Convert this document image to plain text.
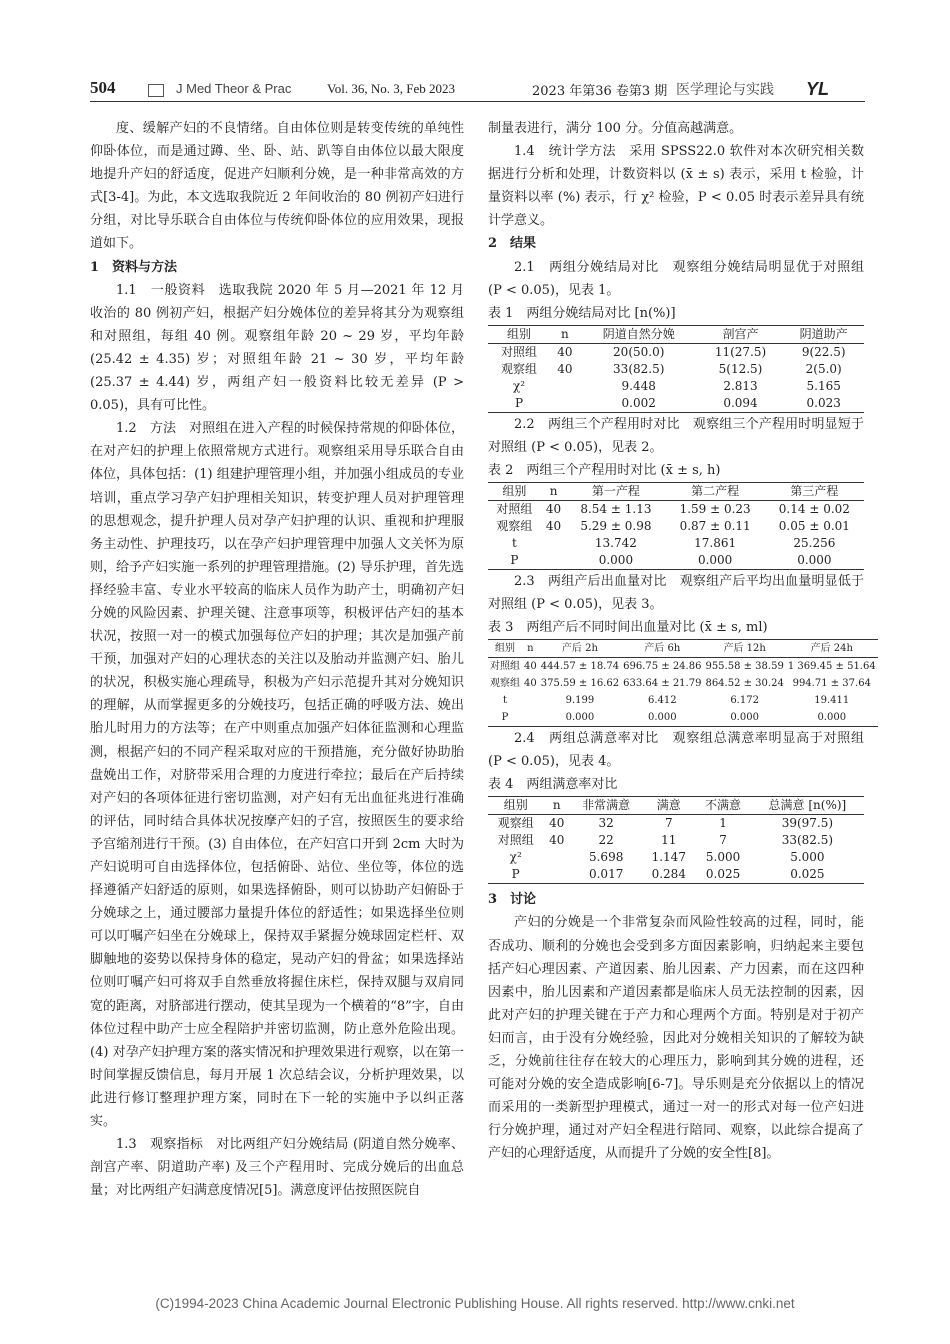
504	J Med Theor & Prac	Vol. 36, No. 3, Feb 2023	2023 年第36 卷第3 期 医学理论与实践 YL

度、缓解产妇的不良情绪。自由体位则是转变传统的单纯性仰卧体位，而是通过蹲、坐、卧、站、趴等自由体位以最大限度地提升产妇的舒适度，促进产妇顺利分娩，是一种非常高效的方式[3-4]。为此，本文选取我院近 2 年间收治的 80 例初产妇进行分组，对比导乐联合自由体位与传统仰卧体位的应用效果，现报道如下。

1　资料与方法

1.1　一般资料　选取我院 2020 年 5 月—2021 年 12 月收治的 80 例初产妇，根据产妇分娩体位的差异将其分为观察组和对照组，每组 40 例。观察组年龄 20 ~ 29 岁，平均年龄 (25.42 ± 4.35) 岁；对照组年龄 21 ~ 30 岁，平均年龄 (25.37 ± 4.44) 岁，两组产妇一般资料比较无差异 (P > 0.05)，具有可比性。

1.2　方法　对照组在进入产程的时候保持常规的仰卧体位，在对产妇的护理上依照常规方式进行。观察组采用导乐联合自由体位，具体包括：(1) 组建护理管理小组，并加强小组成员的专业培训，重点学习孕产妇护理相关知识，转变护理人员对护理管理的思想观念，提升护理人员对孕产妇护理的认识、重视和护理服务主动性、护理技巧，以在孕产妇护理管理中加强人文关怀为原则，给予产妇实施一系列的护理管理措施。(2) 导乐护理，首先选择经验丰富、专业水平较高的临床人员作为助产士，明确初产妇分娩的风险因素、护理关键、注意事项等，积极评估产妇的基本状况，按照一对一的模式加强每位产妇的护理；其次是加强产前干预，加强对产妇的心理状态的关注以及胎动并监测产妇、胎儿的状况，积极实施心理疏导，积极为产妇示范提升其对分娩知识的理解，从而掌握更多的分娩技巧，包括正确的呼吸方法、娩出胎儿时用力的方法等；在产中则重点加强产妇体征监测和心理监测，根据产妇的不同产程采取对应的干预措施，充分做好协助胎盘娩出工作，对脐带采用合理的力度进行牵拉；最后在产后持续对产妇的各项体征进行密切监测，对产妇有无出血征兆进行准确的评估，同时结合具体状况按摩产妇的子宫，按照医生的要求给予宫缩剂进行干预。(3) 自由体位，在产妇宫口开到 2cm 大时为产妇说明可自由选择体位，包括俯卧、站位、坐位等，体位的选择遵循产妇舒适的原则，如果选择俯卧，则可以协助产妇俯卧于分娩球之上，通过腰部力量提升体位的舒适性；如果选择坐位则可以叮嘱产妇坐在分娩球上，保持双手紧握分娩球固定栏杆、双脚触地的姿势以保持身体的稳定，晃动产妇的骨盆；如果选择站位则叮嘱产妇可将双手自然垂放将握住床栏，保持双腿与双肩同宽的距离，对脐部进行摆动，使其呈现为一个横着的“8”字，自由体位过程中助产士应全程陪护并密切监测，防止意外危险出现。(4) 对孕产妇护理方案的落实情况和护理效果进行观察，以在第一时间掌握反馈信息，每月开展 1 次总结会议，分析护理效果，以此进行修订整理护理方案，同时在下一轮的实施中予以纠正落实。

1.3　观察指标　对比两组产妇分娩结局 (阴道自然分娩率、剖宫产率、阴道助产率) 及三个产程用时、完成分娩后的出血总量；对比两组产妇满意度情况[5]。满意度评估按照医院自

制量表进行，满分 100 分。分值高越满意。

1.4　统计学方法　采用 SPSS22.0 软件对本次研究相关数据进行分析和处理，计数资料以 (x̄ ± s) 表示，采用 t 检验，计量资料以率 (%) 表示，行 χ² 检验，P < 0.05 时表示差异具有统计学意义。

2　结果

2.1　两组分娩结局对比　观察组分娩结局明显优于对照组 (P < 0.05)，见表 1。

表 1　两组分娩结局对比 [n(%)]

组别	n	阴道自然分娩	剖宫产	阴道助产
对照组	40	20(50.0)	11(27.5)	9(22.5)
观察组	40	33(82.5)	5(12.5)	2(5.0)
χ²		9.448	2.813	5.165
P		0.002	0.094	0.023

2.2　两组三个产程用时对比　观察组三个产程用时明显短于对照组 (P < 0.05)，见表 2。

表 2　两组三个产程用时对比 (x̄ ± s, h)

组别	n	第一产程	第二产程	第三产程
对照组	40	8.54 ± 1.13	1.59 ± 0.23	0.14 ± 0.02
观察组	40	5.29 ± 0.98	0.87 ± 0.11	0.05 ± 0.01
t		13.742	17.861	25.256
P		0.000	0.000	0.000

2.3　两组产后出血量对比　观察组产后平均出血量明显低于对照组 (P < 0.05)，见表 3。

表 3　两组产后不同时间出血量对比 (x̄ ± s, ml)

组别	n	产后 2h	产后 6h	产后 12h	产后 24h
对照组	40	444.57 ± 18.74	696.75 ± 24.86	955.58 ± 38.59	1 369.45 ± 51.64
观察组	40	375.59 ± 16.62	633.64 ± 21.79	864.52 ± 30.24	994.71 ± 37.64
t		9.199	6.412	6.172	19.411
P		0.000	0.000	0.000	0.000

2.4　两组总满意率对比　观察组总满意率明显高于对照组 (P < 0.05)，见表 4。

表 4　两组满意率对比

组别	n	非常满意	满意	不满意	总满意 [n(%)]
观察组	40	32	7	1	39(97.5)
对照组	40	22	11	7	33(82.5)
χ²		5.698	1.147	5.000	5.000
P		0.017	0.284	0.025	0.025

3　讨论

产妇的分娩是一个非常复杂而风险性较高的过程，同时，能否成功、顺利的分娩也会受到多方面因素影响，归纳起来主要包括产妇心理因素、产道因素、胎儿因素、产力因素，而在这四种因素中，胎儿因素和产道因素都是临床人员无法控制的因素，因此对产妇的护理关键在于产力和心理两个方面。特别是对于初产妇而言，由于没有分娩经验，因此对分娩相关知识的了解较为缺乏，分娩前往往存在较大的心理压力，影响到其分娩的进程，还可能对分娩的安全造成影响[6-7]。导乐则是充分依据以上的情况而采用的一类新型护理模式，通过一对一的形式对每一位产妇进行分娩护理，通过对产妇全程进行陪同、观察，以此综合提高了产妇的心理舒适度，从而提升了分娩的安全性[8]。

(C)1994-2023 China Academic Journal Electronic Publishing House. All rights reserved. http://www.cnki.net
